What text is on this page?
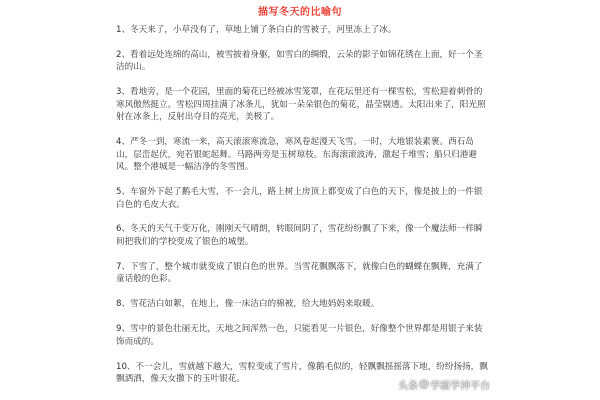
描写冬天的比喻句

1、冬天来了，小草没有了，草地上铺了条白白的雪被子，河里冻上了冰。

2、看着远处连绵的高山，被雪披着身躯，如雪白的绸缎，云朵的影子如锦花绣在上面，好一个圣洁的山。

3、看地旁，是一个花园，里面的菊花已经被冰雪笼罩，在花坛里还有一棵雪松，雪松迎着刺骨的寒风傲然挺立。雪松四周挂满了冰条儿，犹如一朵朵银色的菊花，晶莹剔透。太阳出来了，阳光照射在冰条上，反射出夺目的亮光，美极了。

4、严冬一到，寒流一来，高天滚滚寒流急，寒风卷起漫天飞雪。一时，大地银装素裹。西石岛山，层峦起伏，宛若银蛇起舞。马路两旁是玉树琼枝。东海滚滚波涛，激起千堆雪；船只归港避风。整个港城是一幅洁净的冬雪图。

5、车窗外下起了鹅毛大雪，不一会儿，路上树上房顶上都变成了白色的天下，像是披上的一件银白色的毛皮大衣。

6、冬天的天气千变万化，刚刚天气晴朗，转眼间阴了，雪花纷纷飘了下来，像一个魔法师一样瞬间把我们的学校变成了银色的城堡。

7、下雪了，整个城市就变成了银白色的世界。当雪花飘飘落下，就像白色的蝴蝶在飘舞，充满了童话般的色彩。

8、雪花洁白如絮，在地上，像一床洁白的棉被，给大地妈妈来取暖。

9、雪中的景色壮丽无比，天地之间浑然一色，只能看见一片银色，好像整个世界都是用银子来装饰而成的。

10、不一会儿，雪就越下越大，雪粒变成了雪片，像鹅毛似的，轻飘飘摇摇落下地，纷纷扬扬，飘飘洒洒，像天女撒下的玉叶银花。

头条 @ 学霸学神平台
